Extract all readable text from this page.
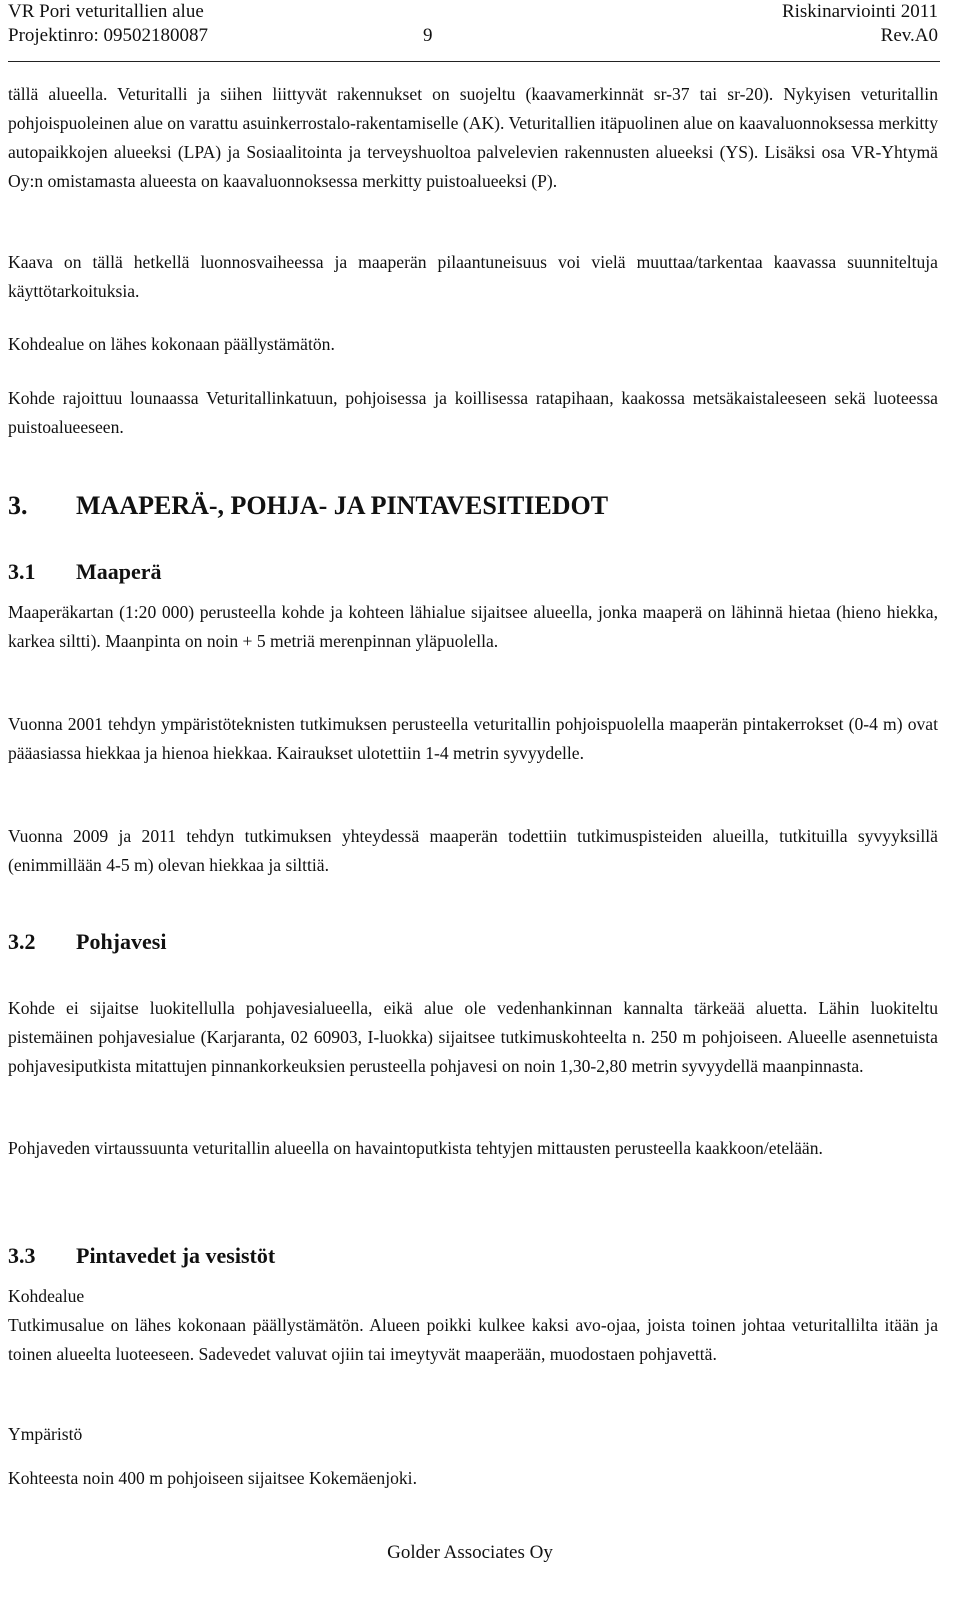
VR Pori veturitallien alue	Riskinarviointi 2011
Projektinro: 09502180087	9	Rev.A0

tällä alueella. Veturitalli ja siihen liittyvät rakennukset on suojeltu (kaavamerkinnät sr-37 tai sr-20). Nykyisen veturitallin pohjoispuoleinen alue on varattu asuinkerrostalo-rakentamiselle (AK). Veturitallien itäpuolinen alue on kaavaluonnoksessa merkitty autopaikkojen alueeksi (LPA) ja Sosiaalitointa ja terveyshuoltoa palvelevien rakennusten alueeksi (YS). Lisäksi osa VR-Yhtymä Oy:n omistamasta alueesta on kaavaluonnoksessa merkitty puistoalueeksi (P).

Kaava on tällä hetkellä luonnosvaiheessa ja maaperän pilaantuneisuus voi vielä muuttaa/tarkentaa kaavassa suunniteltuja käyttötarkoituksia.

Kohdealue on lähes kokonaan päällystämätön.

Kohde rajoittuu lounaassa Veturitallinkatuun, pohjoisessa ja koillisessa ratapihaan, kaakossa metsäkaistaleeseen sekä luoteessa puistoalueeseen.

3. MAAPERÄ-, POHJA- JA PINTAVESITIEDOT
3.1 Maaperä

Maaperäkartan (1:20 000) perusteella kohde ja kohteen lähialue sijaitsee alueella, jonka maaperä on lähinnä hietaa (hieno hiekka, karkea siltti). Maanpinta on noin + 5 metriä merenpinnan yläpuolella.

Vuonna 2001 tehdyn ympäristöteknisten tutkimuksen perusteella veturitallin pohjoispuolella maaperän pintakerrokset (0-4 m) ovat pääasiassa hiekkaa ja hienoa hiekkaa. Kairaukset ulotettiin 1-4 metrin syvyydelle.

Vuonna 2009 ja 2011 tehdyn tutkimuksen yhteydessä maaperän todettiin tutkimuspisteiden alueilla, tutkituilla syvyyksillä (enimmillään 4-5 m) olevan hiekkaa ja silttiä.

3.2 Pohjavesi

Kohde ei sijaitse luokitellulla pohjavesialueella, eikä alue ole vedenhankinnan kannalta tärkeää aluetta. Lähin luokiteltu pistemäinen pohjavesialue (Karjaranta, 02 60903, I-luokka) sijaitsee tutkimuskohteelta n. 250 m pohjoiseen. Alueelle asennetuista pohjavesiputkista mitattujen pinnankorkeuksien perusteella pohjavesi on noin 1,30-2,80 metrin syvyydellä maanpinnasta.

Pohjaveden virtaussuunta veturitallin alueella on havaintoputkista tehtyjen mittausten perusteella kaakkoon/etelään.

3.3 Pintavedet ja vesistöt

Kohdealue

Tutkimusalue on lähes kokonaan päällystämätön. Alueen poikki kulkee kaksi avo-ojaa, joista toinen johtaa veturitallilta itään ja toinen alueelta luoteeseen. Sadevedet valuvat ojiin tai imeytyvät maaperään, muodostaen pohjavettä.

Ympäristö

Kohteesta noin 400 m pohjoiseen sijaitsee Kokemäenjoki.

Golder Associates Oy
